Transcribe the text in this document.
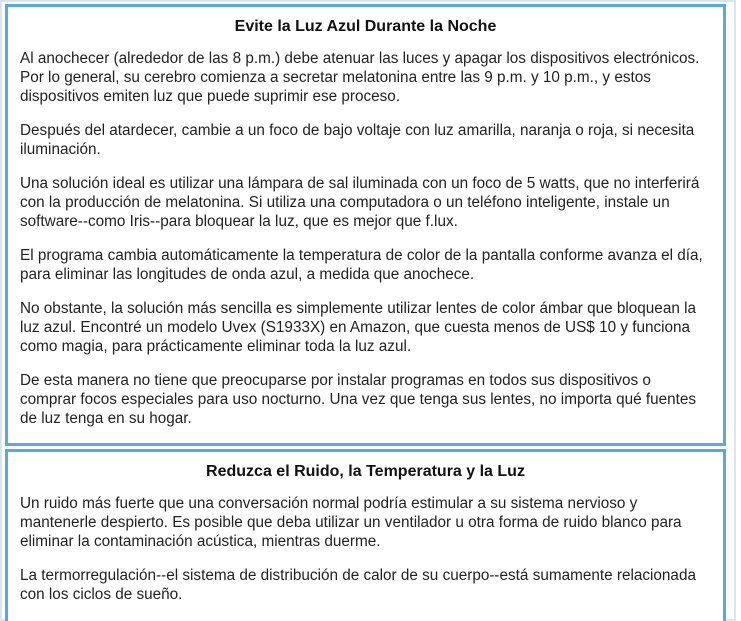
Evite la Luz Azul Durante la Noche

Al anochecer (alrededor de las 8 p.m.) debe atenuar las luces y apagar los dispositivos electrónicos. Por lo general, su cerebro comienza a secretar melatonina entre las 9 p.m. y 10 p.m., y estos dispositivos emiten luz que puede suprimir ese proceso.

Después del atardecer, cambie a un foco de bajo voltaje con luz amarilla, naranja o roja, si necesita iluminación.

Una solución ideal es utilizar una lámpara de sal iluminada con un foco de 5 watts, que no interferirá con la producción de melatonina. Si utiliza una computadora o un teléfono inteligente, instale un software--como Iris--para bloquear la luz, que es mejor que f.lux.

El programa cambia automáticamente la temperatura de color de la pantalla conforme avanza el día, para eliminar las longitudes de onda azul, a medida que anochece.

No obstante, la solución más sencilla es simplemente utilizar lentes de color ámbar que bloquean la luz azul. Encontré un modelo Uvex (S1933X) en Amazon, que cuesta menos de US$ 10 y funciona como magia, para prácticamente eliminar toda la luz azul.

De esta manera no tiene que preocuparse por instalar programas en todos sus dispositivos o comprar focos especiales para uso nocturno. Una vez que tenga sus lentes, no importa qué fuentes de luz tenga en su hogar.

Reduzca el Ruido, la Temperatura y la Luz

Un ruido más fuerte que una conversación normal podría estimular a su sistema nervioso y mantenerle despierto. Es posible que deba utilizar un ventilador u otra forma de ruido blanco para eliminar la contaminación acústica, mientras duerme.

La termorregulación--el sistema de distribución de calor de su cuerpo--está sumamente relacionada con los ciclos de sueño.
